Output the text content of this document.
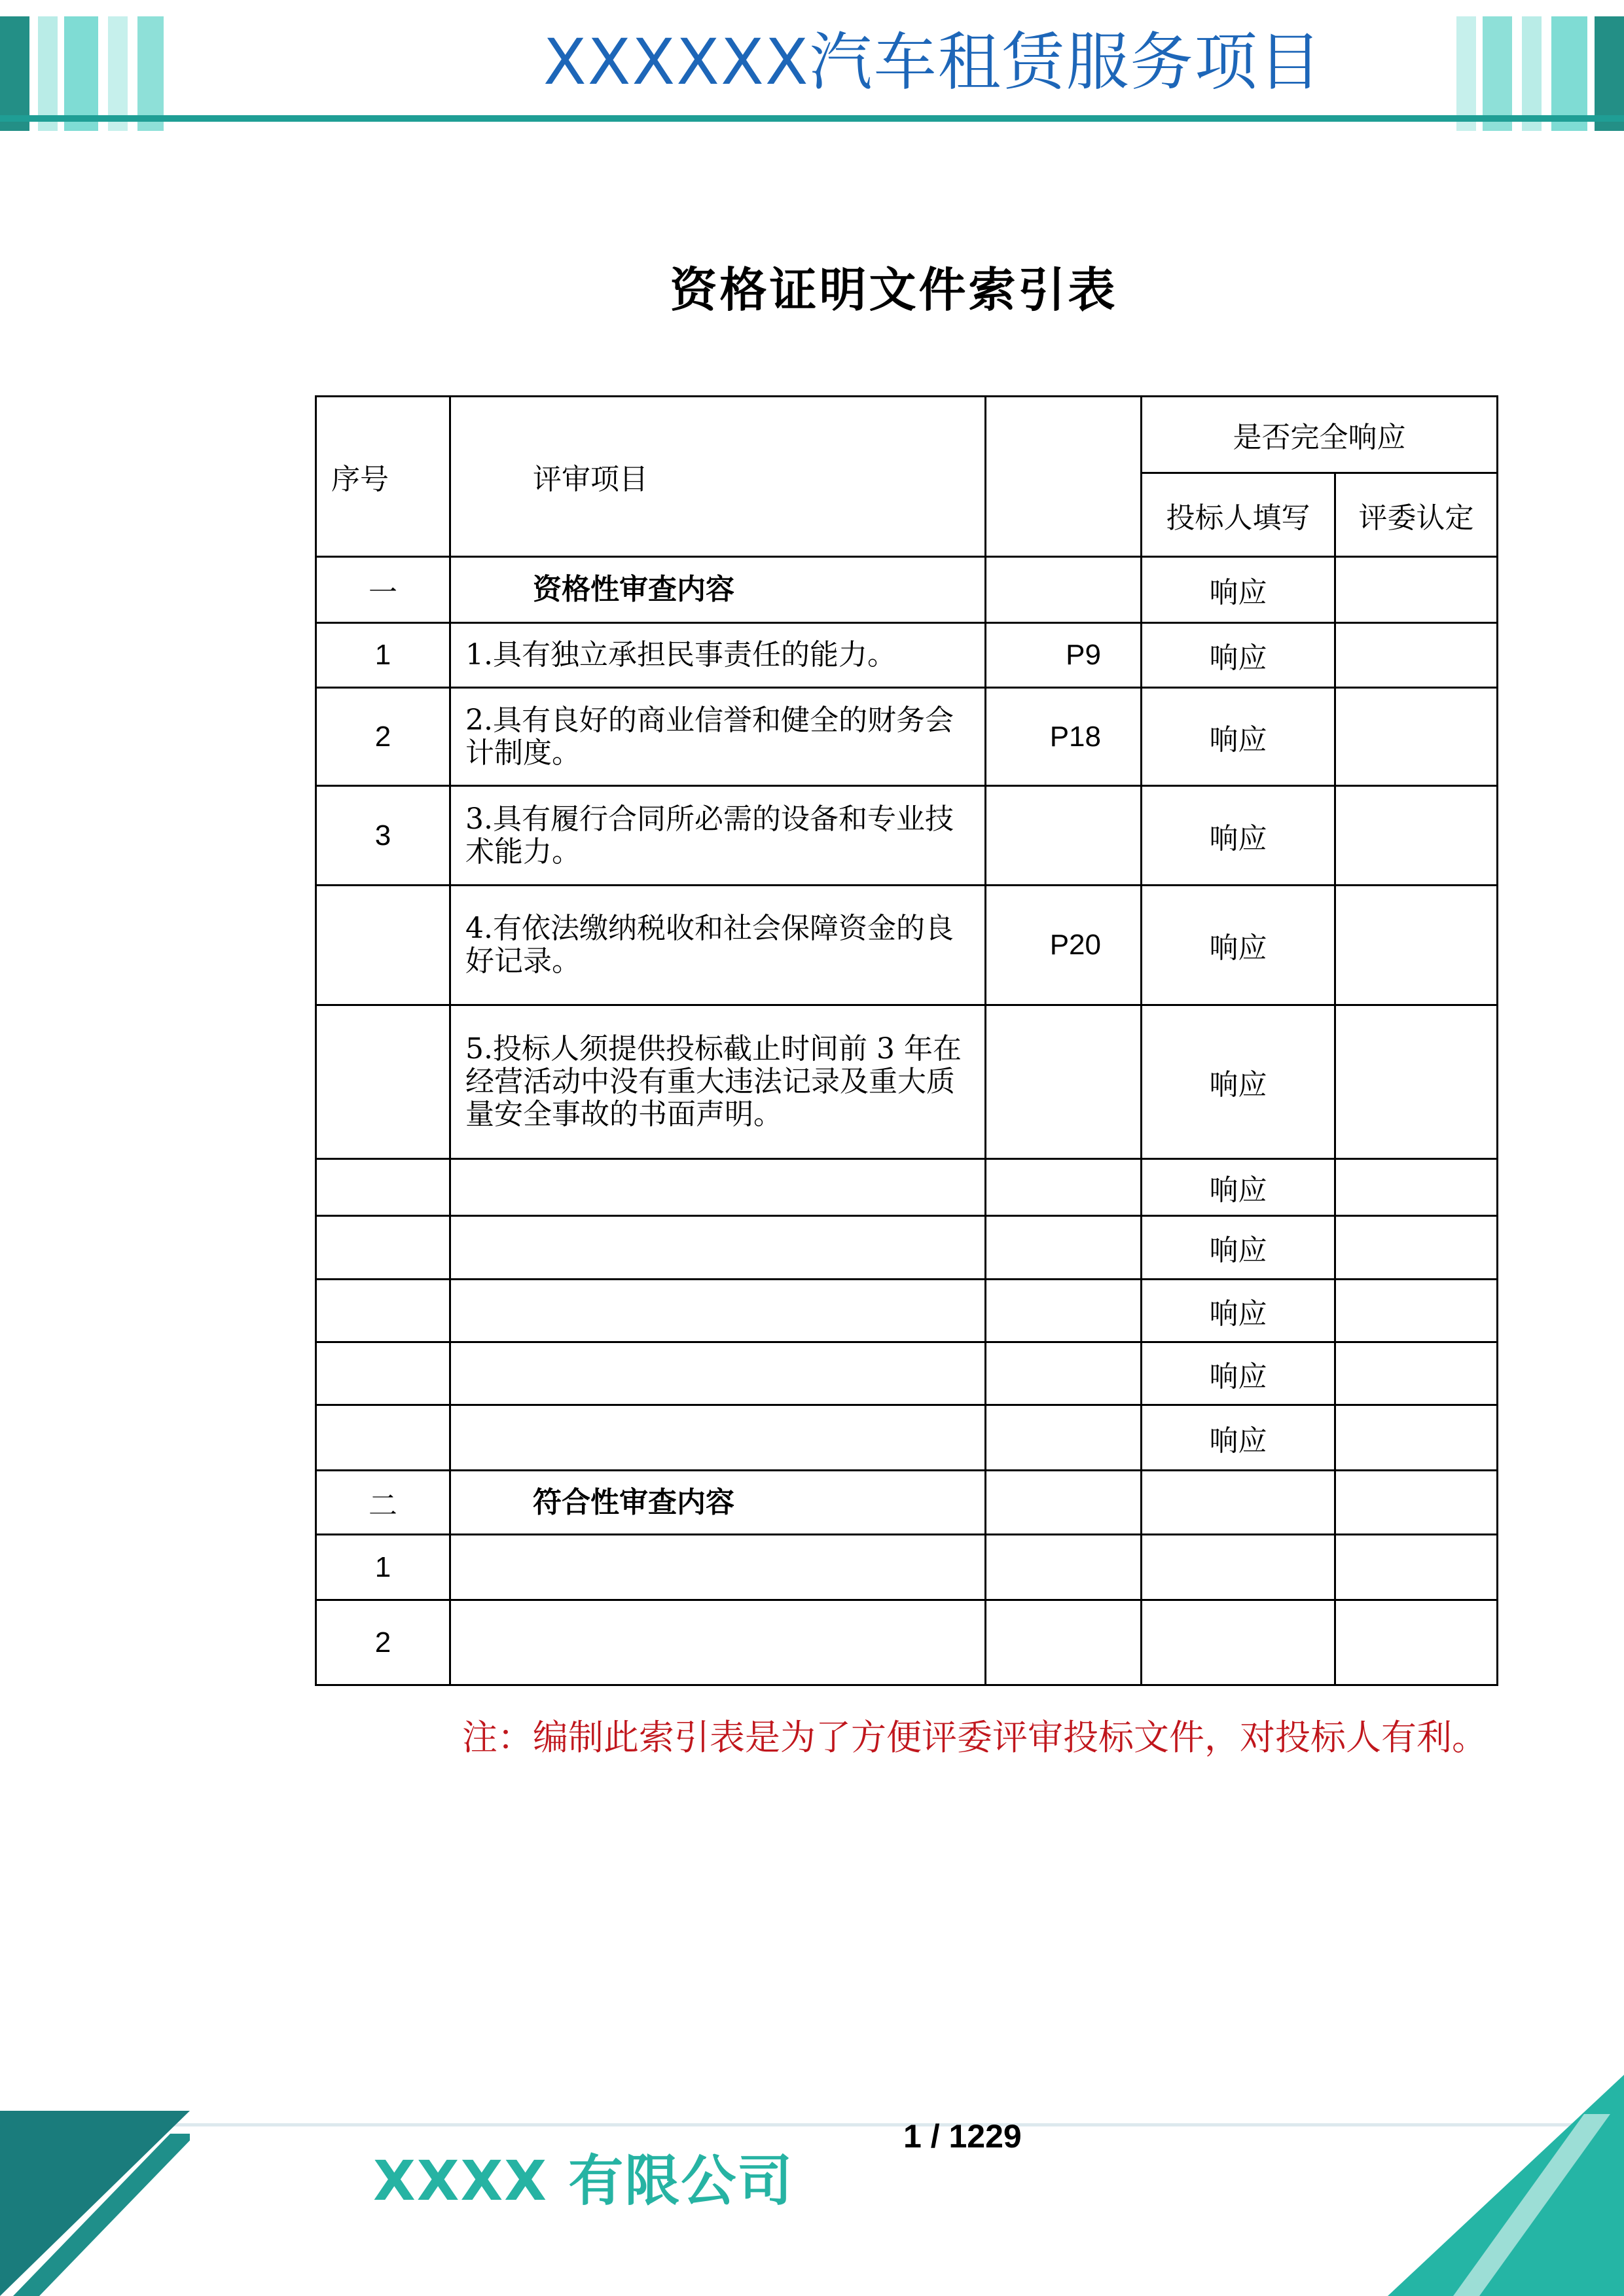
XXXXXX汽车租赁服务项目
资格证明文件索引表
序号	评审项目		是否完全响应	
			投标人填写	评委认定
一	资格性审查内容		响应	
1	1.具有独立承担民事责任的能力。	P9	响应	
2	2.具有良好的商业信誉和健全的财务会计制度。	P18	响应	
3	3.具有履行合同所必需的设备和专业技术能力。		响应	
	4.有依法缴纳税收和社会保障资金的良好记录。	P20	响应	
	5.投标人须提供投标截止时间前 3 年在经营活动中没有重大违法记录及重大质量安全事故的书面声明。		响应	
			响应	
			响应	
			响应	
			响应	
			响应	
二	符合性审查内容			
1				
2				
注：编制此索引表是为了方便评委评审投标文件，对投标人有利。
1 / 1229
XXXX 有限公司
